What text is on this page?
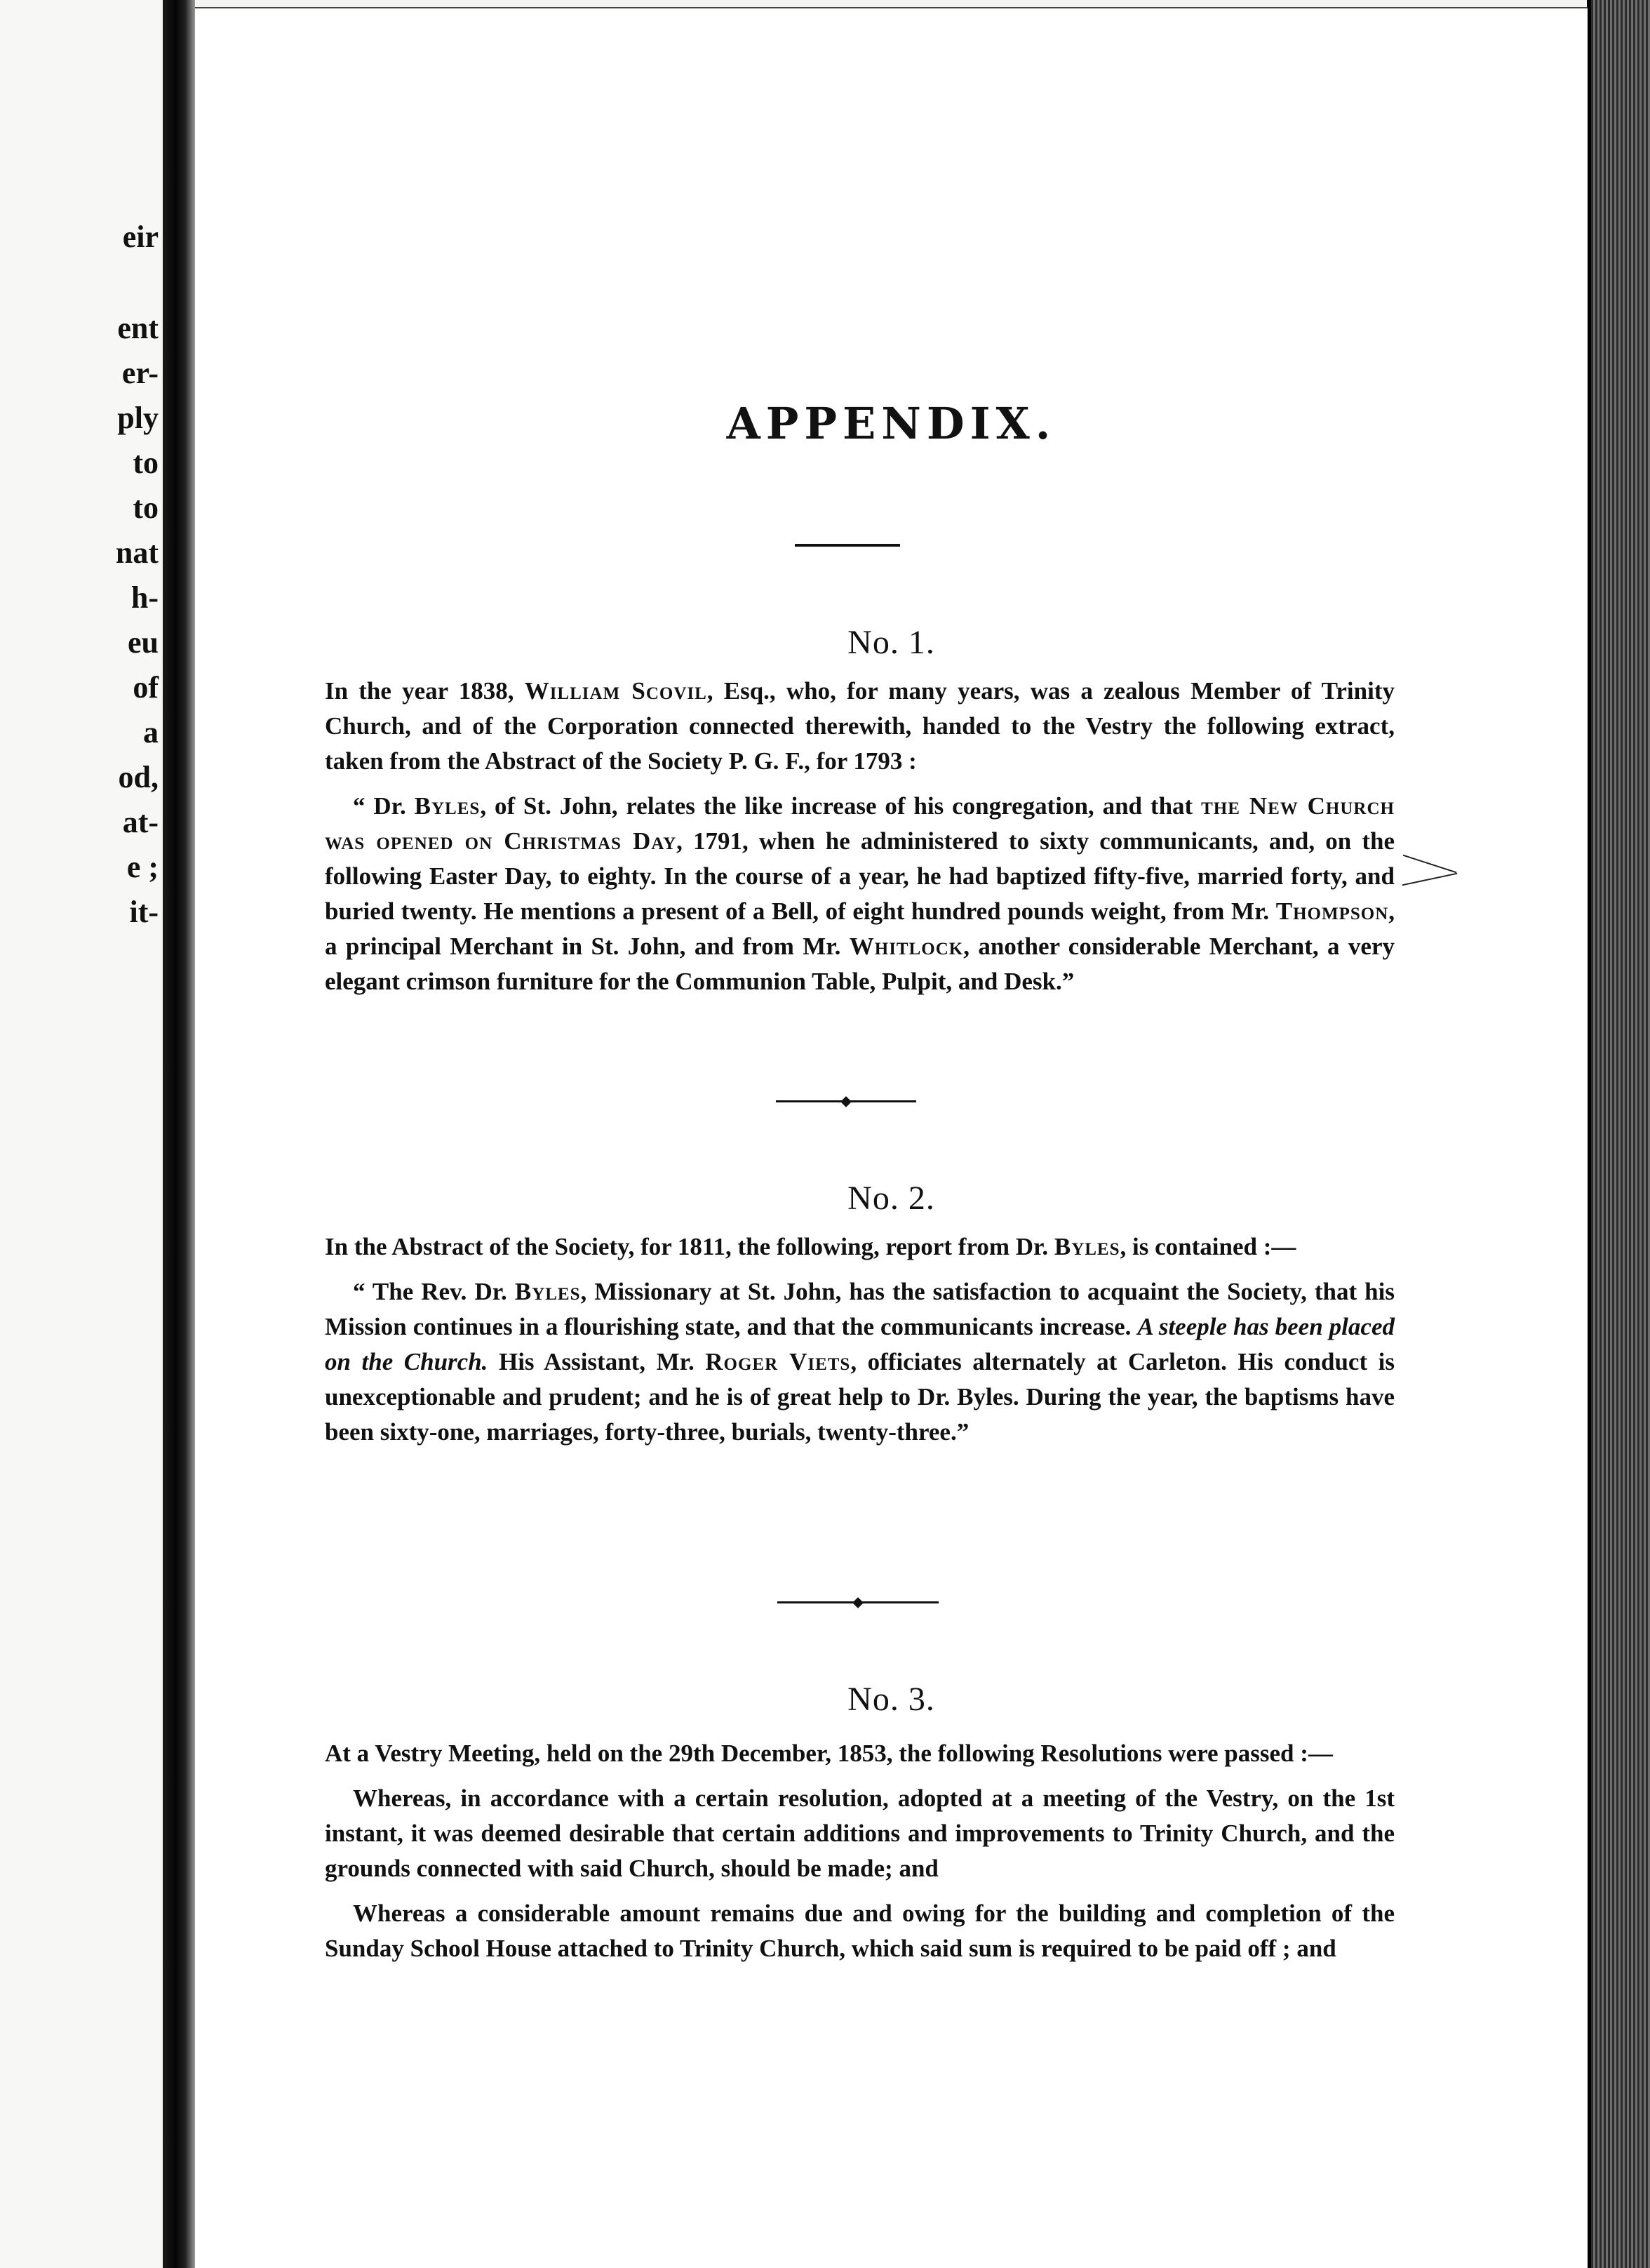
eir
ent
er-
ply
to
to
nat
h-
eu
of
a
od,
at-
e ;
it-
APPENDIX.
No. 1.

In the year 1838, William Scovil, Esq., who, for many years, was a zealous Member of Trinity Church, and of the Corporation connected therewith, handed to the Vestry the following extract, taken from the Abstract of the Society P. G. F., for 1793 :

“ Dr. Byles, of St. John, relates the like increase of his congregation, and that the New Church was opened on Christmas Day, 1791, when he administered to sixty communicants, and, on the following Easter Day, to eighty. In the course of a year, he had baptized fifty-five, married forty, and buried twenty. He mentions a present of a Bell, of eight hundred pounds weight, from Mr. Thompson, a principal Merchant in St. John, and from Mr. Whitlock, another considerable Merchant, a very elegant crimson furniture for the Communion Table, Pulpit, and Desk.”

No. 2.

In the Abstract of the Society, for 1811, the following, report from Dr. Byles, is contained :—

“ The Rev. Dr. Byles, Missionary at St. John, has the satisfaction to acquaint the Society, that his Mission continues in a flourishing state, and that the communicants increase. A steeple has been placed on the Church. His Assistant, Mr. Roger Viets, officiates alternately at Carleton. His conduct is unexceptionable and prudent; and he is of great help to Dr. Byles. During the year, the baptisms have been sixty-one, marriages, forty-three, burials, twenty-three.”

No. 3.

At a Vestry Meeting, held on the 29th December, 1853, the following Resolutions were passed :—

Whereas, in accordance with a certain resolution, adopted at a meeting of the Vestry, on the 1st instant, it was deemed desirable that certain additions and improvements to Trinity Church, and the grounds connected with said Church, should be made; and

Whereas a considerable amount remains due and owing for the building and completion of the Sunday School House attached to Trinity Church, which said sum is required to be paid off ; and
